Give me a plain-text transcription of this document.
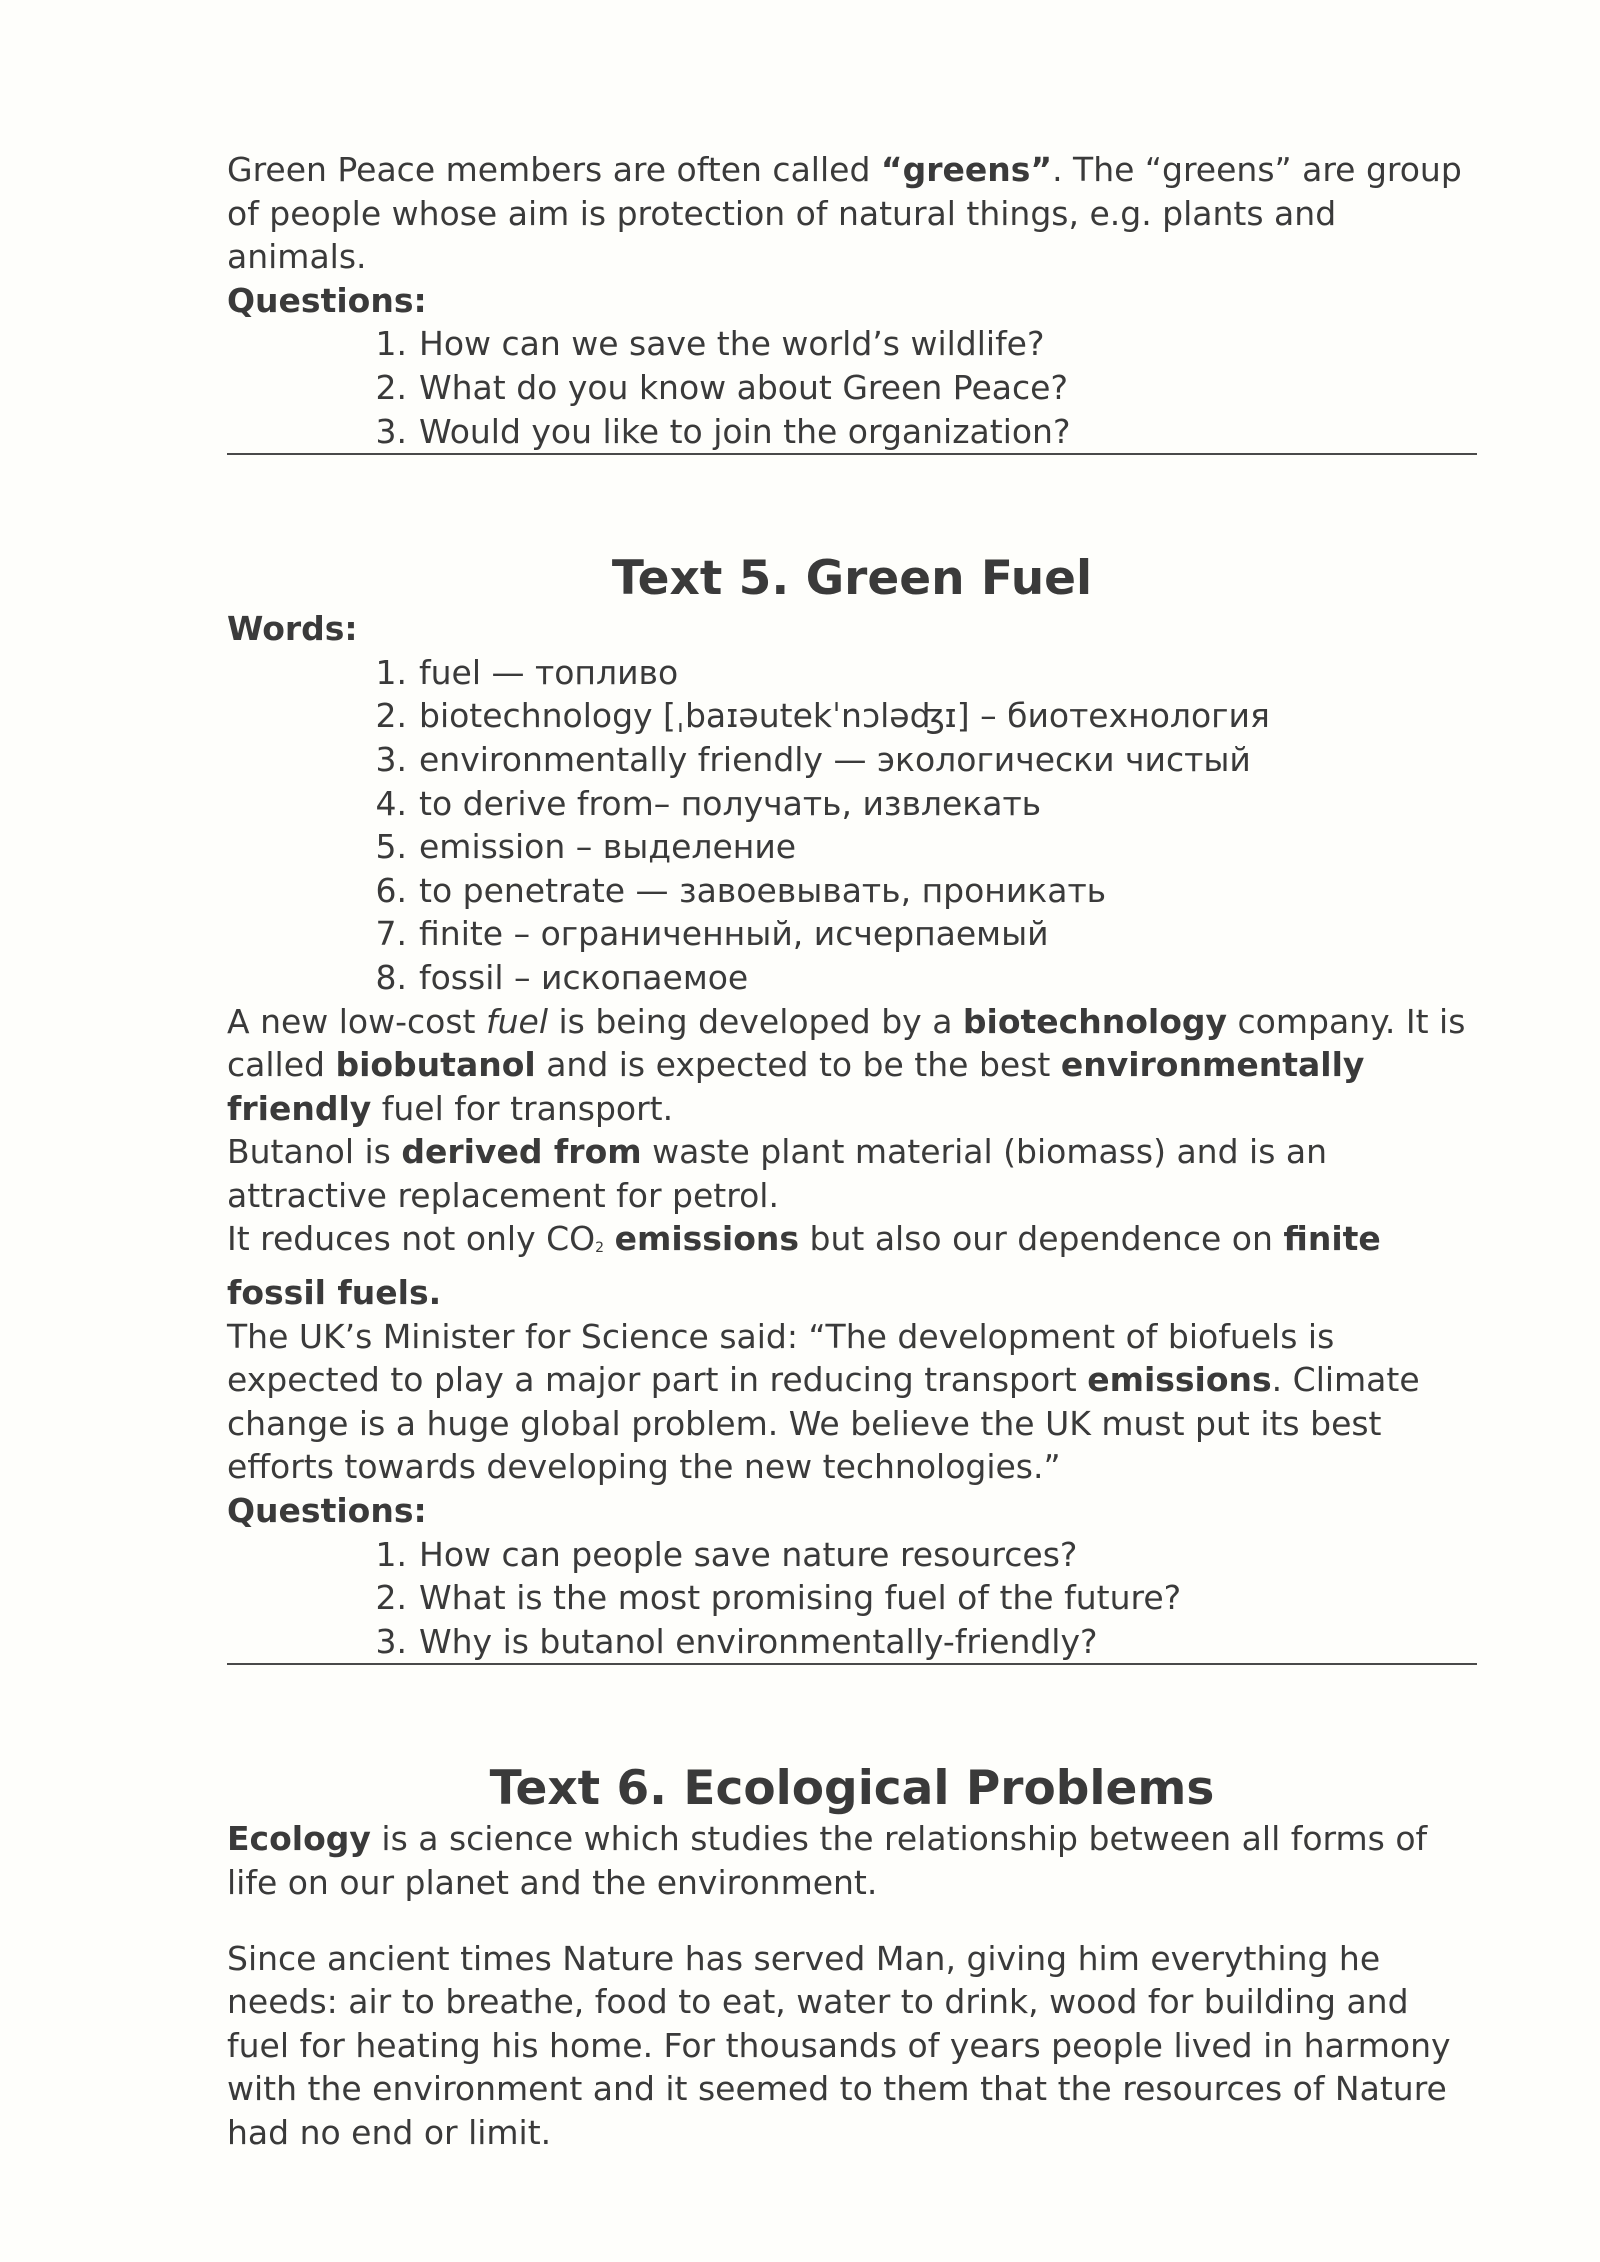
Green Peace members are often called “greens”. The “greens” are group of people whose aim is protection of natural things, e.g. plants and animals.

Questions:

1. How can we save the world’s wildlife?
2. What do you know about Green Peace?
3. Would you like to join the organization?
Text 5. Green Fuel

Words:

1. fuel — топливо
2. biotechnology [ˌbaɪəutekˈnɔləʤɪ] – биотехнология
3. environmentally friendly — экологически чистый
4. to derive from– получать, извлекать
5. emission – выделение
6. to penetrate — завоевывать, проникать
7. finite – ограниченный, исчерпаемый
8. fossil – ископаемое

A new low-cost fuel is being developed by a biotechnology company. It is called biobutanol and is expected to be the best environmentally friendly fuel for transport.

Butanol is derived from waste plant material (biomass) and is an attractive replacement for petrol.

It reduces not only $CO_2$ emissions but also our dependence on finite fossil fuels.

The UK’s Minister for Science said: “The development of biofuels is expected to play a major part in reducing transport emissions. Climate change is a huge global problem. We believe the UK must put its best efforts towards developing the new technologies.”

Questions:

1. How can people save nature resources?
2. What is the most promising fuel of the future?
3. Why is butanol environmentally-friendly?
Text 6. Ecological Problems

Ecology is a science which studies the relationship between all forms of life on our planet and the environment.

Since ancient times Nature has served Man, giving him everything he needs: air to breathe, food to eat, water to drink, wood for building and fuel for heating his home. For thousands of years people lived in harmony with the environment and it seemed to them that the resources of Nature had no end or limit.
